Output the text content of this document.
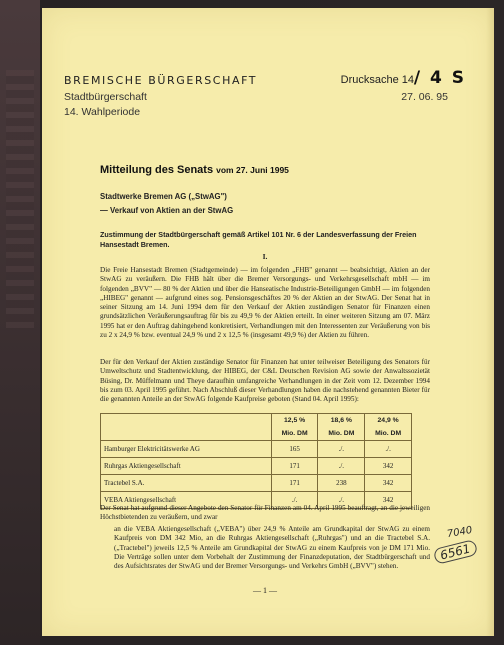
BREMISCHE BÜRGERSCHAFT
Stadtbürgerschaft
14. Wahlperiode
Drucksache 14 / 4 S
27. 06. 95
Mitteilung des Senats vom 27. Juni 1995
Stadtwerke Bremen AG („StwAG")
— Verkauf von Aktien an der StwAG
Zustimmung der Stadtbürgerschaft gemäß Artikel 101 Nr. 6 der Landesverfassung der Freien Hansestadt Bremen.
I.
Die Freie Hansestadt Bremen (Stadtgemeinde) — im folgenden „FHB" genannt — beabsichtigt, Aktien an der StwAG zu veräußern. Die FHB hält über die Bremer Versorgungs- und Verkehrsgesellschaft mbH — im folgenden „BVV" — 80 % der Aktien und über die Hanseatische Industrie-Beteiligungen GmbH — im folgenden „HIBEG" genannt — aufgrund eines sog. Pensionsgeschäftes 20 % der Aktien an der StwAG. Der Senat hat in seiner Sitzung am 14. Juni 1994 dem für den Verkauf der Aktien zuständigen Senator für Finanzen einen grundsätzlichen Veräußerungsauftrag für bis zu 49,9 % der Aktien erteilt. In einer weiteren Sitzung am 07. März 1995 hat er den Auftrag dahingehend konkretisiert, Verhandlungen mit den Interessenten zur Veräußerung von bis zu 2 x 24,9 % bzw. eventual 24,9 % und 2 x 12,5 % (insgesamt 49,9 %) der Aktien zu führen.
Der für den Verkauf der Aktien zuständige Senator für Finanzen hat unter teilweiser Beteiligung des Senators für Umweltschutz und Stadtentwicklung, der HIBEG, der C&L Deutschen Revision AG sowie der Anwaltssozietät Büsing, Dr. Müffelmann und Theye daraufhin umfangreiche Verhandlungen in der Zeit vom 12. Dezember 1994 bis zum 03. April 1995 geführt. Nach Abschluß dieser Verhandlungen haben die nachstehend genannten Bieter für die genannten Anteile an der StwAG folgende Kaufpreise geboten (Stand 04. April 1995):
	12,5 %	18,6 %	24,9 %
	Mio. DM	Mio. DM	Mio. DM
Hamburger Elektricitätswerke AG	165	./.	./.
Ruhrgas Aktiengesellschaft	171	./.	342
Tractebel S.A.	171	238	342
VEBA Aktiengesellschaft	./.	./.	342
Der Senat hat aufgrund dieser Angebote den Senator für Finanzen am 04. April 1995 beauftragt, an die jeweiligen Höchstbietenden zu veräußern, und zwar
an die VEBA Aktiengesellschaft („VEBA") über 24,9 % Anteile am Grundkapital der StwAG zu einem Kaufpreis von DM 342 Mio, an die Ruhrgas Aktiengesellschaft („Ruhrgas") und an die Tractebel S.A. („Tractebel") jeweils 12,5 % Anteile am Grundkapital der StwAG zu einem Kaufpreis von je DM 171 Mio. Die Verträge sollen unter dem Vorbehalt der Zustimmung der Finanzdeputation, der Stadtbürgerschaft und des Aufsichtsrates der StwAG und der Bremer Versorgungs- und Verkehrs GmbH („BVV") stehen.
— 1 —
7040
6561
